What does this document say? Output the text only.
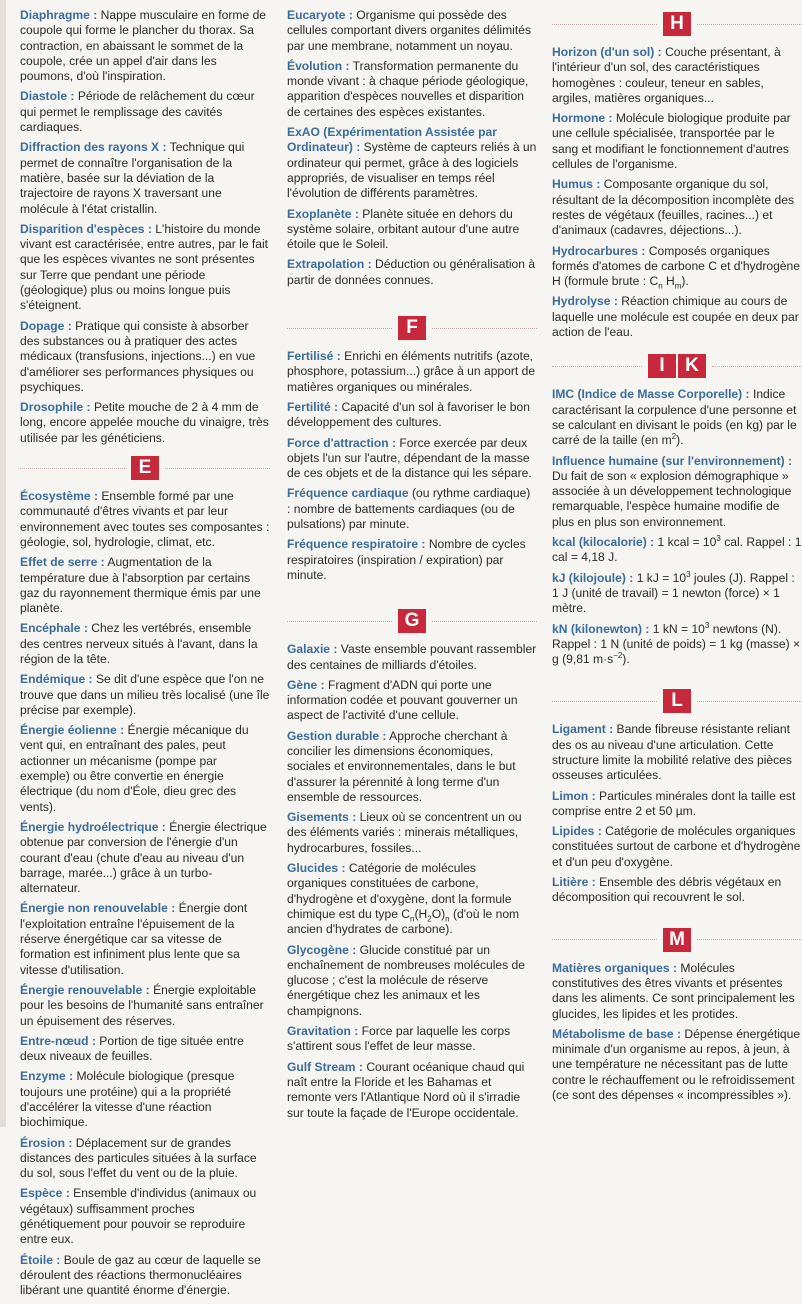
Diaphragme : Nappe musculaire en forme de coupole qui forme le plancher du thorax. Sa contraction, en abaissant le sommet de la coupole, crée un appel d'air dans les poumons, d'où l'inspiration.

Diastole : Période de relâchement du cœur qui permet le remplissage des cavités cardiaques.

Diffraction des rayons X : Technique qui permet de connaître l'organisation de la matière, basée sur la déviation de la trajectoire de rayons X traversant une molécule à l'état cristallin.

Disparition d'espèces : L'histoire du monde vivant est caractérisée, entre autres, par le fait que les espèces vivantes ne sont présentes sur Terre que pendant une période (géologique) plus ou moins longue puis s'éteignent.

Dopage : Pratique qui consiste à absorber des substances ou à pratiquer des actes médicaux (transfusions, injections...) en vue d'améliorer ses performances physiques ou psychiques.

Drosophile : Petite mouche de 2 à 4 mm de long, encore appelée mouche du vinaigre, très utilisée par les généticiens.

E

Écosystème : Ensemble formé par une communauté d'êtres vivants et par leur environnement avec toutes ses composantes : géologie, sol, hydrologie, climat, etc.

Effet de serre : Augmentation de la température due à l'absorption par certains gaz du rayonnement thermique émis par une planète.

Encéphale : Chez les vertébrés, ensemble des centres nerveux situés à l'avant, dans la région de la tête.

Endémique : Se dit d'une espèce que l'on ne trouve que dans un milieu très localisé (une île précise par exemple).

Énergie éolienne : Énergie mécanique du vent qui, en entraînant des pales, peut actionner un mécanisme (pompe par exemple) ou être convertie en énergie électrique (du nom d'Éole, dieu grec des vents).

Énergie hydroélectrique : Énergie électrique obtenue par conversion de l'énergie d'un courant d'eau (chute d'eau au niveau d'un barrage, marée...) grâce à un turbo-alternateur.

Énergie non renouvelable : Énergie dont l'exploitation entraîne l'épuisement de la réserve énergétique car sa vitesse de formation est infiniment plus lente que sa vitesse d'utilisation.

Énergie renouvelable : Énergie exploitable pour les besoins de l'humanité sans entraîner un épuisement des réserves.

Entre-nœud : Portion de tige située entre deux niveaux de feuilles.

Enzyme : Molécule biologique (presque toujours une protéine) qui a la propriété d'accélérer la vitesse d'une réaction biochimique.

Érosion : Déplacement sur de grandes distances des particules situées à la surface du sol, sous l'effet du vent ou de la pluie.

Espèce : Ensemble d'individus (animaux ou végétaux) suffisamment proches génétiquement pour pouvoir se reproduire entre eux.

Étoile : Boule de gaz au cœur de laquelle se déroulent des réactions thermonucléaires libérant une quantité énorme d'énergie.

Eucaryote : Organisme qui possède des cellules comportant divers organites délimités par une membrane, notamment un noyau.

Évolution : Transformation permanente du monde vivant : à chaque période géologique, apparition d'espèces nouvelles et disparition de certaines des espèces existantes.

ExAO (Expérimentation Assistée par Ordinateur) : Système de capteurs reliés à un ordinateur qui permet, grâce à des logiciels appropriés, de visualiser en temps réel l'évolution de différents paramètres.

Exoplanète : Planète située en dehors du système solaire, orbitant autour d'une autre étoile que le Soleil.

Extrapolation : Déduction ou généralisation à partir de données connues.

F

Fertilisé : Enrichi en éléments nutritifs (azote, phosphore, potassium...) grâce à un apport de matières organiques ou minérales.

Fertilité : Capacité d'un sol à favoriser le bon développement des cultures.

Force d'attraction : Force exercée par deux objets l'un sur l'autre, dépendant de la masse de ces objets et de la distance qui les sépare.

Fréquence cardiaque (ou rythme cardiaque) : nombre de battements cardiaques (ou de pulsations) par minute.

Fréquence respiratoire : Nombre de cycles respiratoires (inspiration / expiration) par minute.

G

Galaxie : Vaste ensemble pouvant rassembler des centaines de milliards d'étoiles.

Gène : Fragment d'ADN qui porte une information codée et pouvant gouverner un aspect de l'activité d'une cellule.

Gestion durable : Approche cherchant à concilier les dimensions économiques, sociales et environnementales, dans le but d'assurer la pérennité à long terme d'un ensemble de ressources.

Gisements : Lieux où se concentrent un ou des éléments variés : minerais métalliques, hydrocarbures, fossiles...

Glucides : Catégorie de molécules organiques constituées de carbone, d'hydrogène et d'oxygène, dont la formule chimique est du type $C_n(H_2O)_n$ (d'où le nom ancien d'hydrates de carbone).

Glycogène : Glucide constitué par un enchaînement de nombreuses molécules de glucose ; c'est la molécule de réserve énergétique chez les animaux et les champignons.

Gravitation : Force par laquelle les corps s'attirent sous l'effet de leur masse.

Gulf Stream : Courant océanique chaud qui naît entre la Floride et les Bahamas et remonte vers l'Atlantique Nord où il s'irradie sur toute la façade de l'Europe occidentale.

H

Horizon (d'un sol) : Couche présentant, à l'intérieur d'un sol, des caractéristiques homogènes : couleur, teneur en sables, argiles, matières organiques...

Hormone : Molécule biologique produite par une cellule spécialisée, transportée par le sang et modifiant le fonctionnement d'autres cellules de l'organisme.

Humus : Composante organique du sol, résultant de la décomposition incomplète des restes de végétaux (feuilles, racines...) et d'animaux (cadavres, déjections...).

Hydrocarbures : Composés organiques formés d'atomes de carbone C et d'hydrogène H (formule brute : $C_n$ $H_m$).

Hydrolyse : Réaction chimique au cours de laquelle une molécule est coupée en deux par action de l'eau.

I	K

IMC (Indice de Masse Corporelle) : Indice caractérisant la corpulence d'une personne et se calculant en divisant le poids (en kg) par le carré de la taille (en $m^2$).

Influence humaine (sur l'environnement) : Du fait de son « explosion démographique » associée à un développement technologique remarquable, l'espèce humaine modifie de plus en plus son environnement.

kcal (kilocalorie) : 1 kcal = $10^3$ cal. Rappel : 1 cal = 4,18 J.

kJ (kilojoule) : 1 kJ = $10^3$ joules (J). Rappel : 1 J (unité de travail) = 1 newton (force) × 1 mètre.

kN (kilonewton) : 1 kN = $10^3$ newtons (N). Rappel : 1 N (unité de poids) = 1 kg (masse) × g (9,81 $m\cdot s^{-2}$).

L

Ligament : Bande fibreuse résistante reliant des os au niveau d'une articulation. Cette structure limite la mobilité relative des pièces osseuses articulées.

Limon : Particules minérales dont la taille est comprise entre 2 et 50 µm.

Lipides : Catégorie de molécules organiques constituées surtout de carbone et d'hydrogène et d'un peu d'oxygène.

Litière : Ensemble des débris végétaux en décomposition qui recouvrent le sol.

M

Matières organiques : Molécules constitutives des êtres vivants et présentes dans les aliments. Ce sont principalement les glucides, les lipides et les protides.

Métabolisme de base : Dépense énergétique minimale d'un organisme au repos, à jeun, à une température ne nécessitant pas de lutte contre le réchauffement ou le refroidissement (ce sont des dépenses « incompressibles »).
